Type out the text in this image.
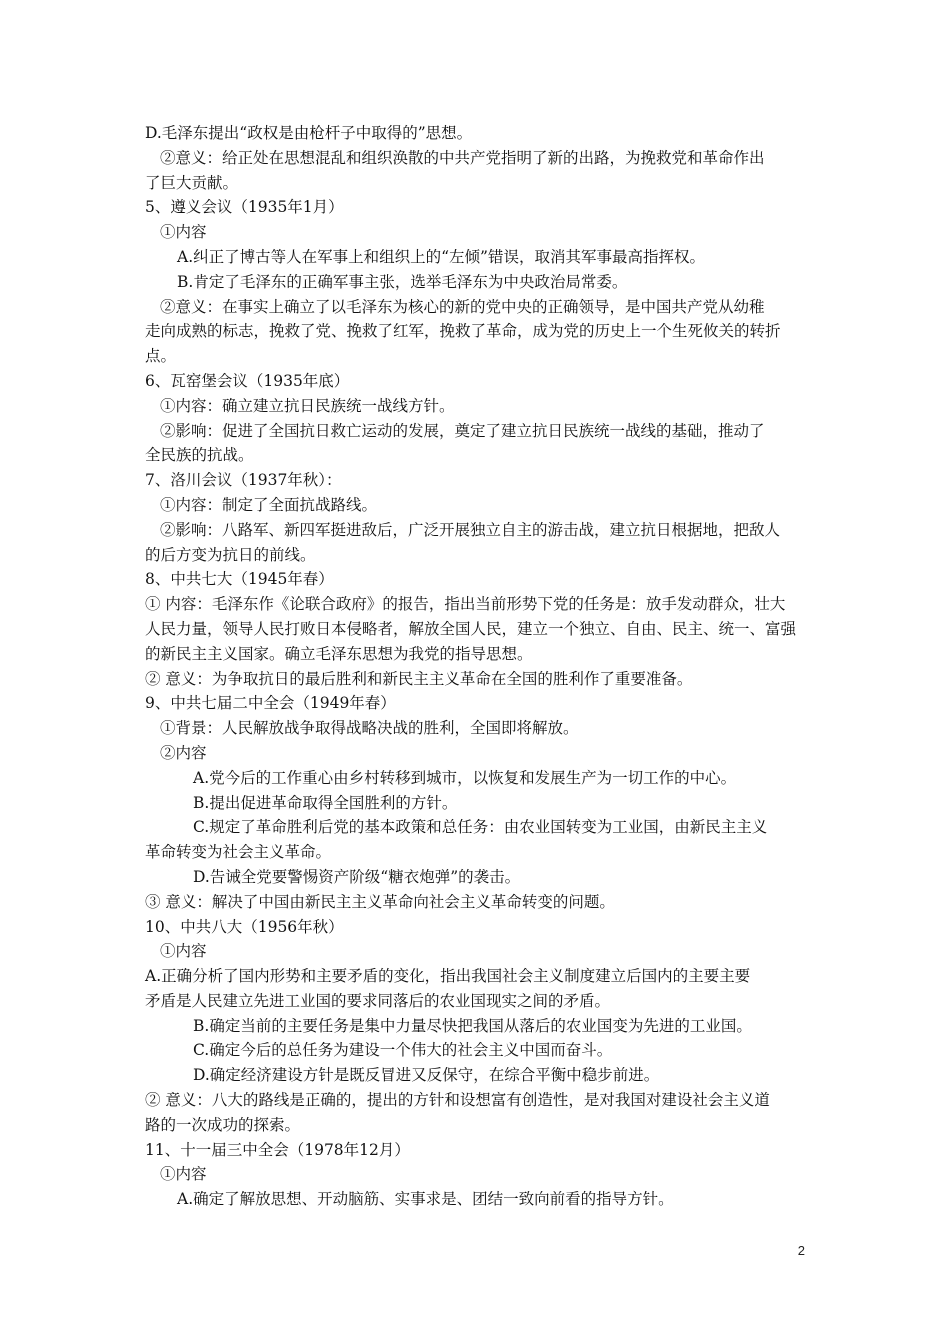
D.毛泽东提出“政权是由枪杆子中取得的”思想。
②意义：给正处在思想混乱和组织涣散的中共产党指明了新的出路，为挽救党和革命作出
了巨大贡献。
5、遵义会议（1935年1月）
①内容
A.纠正了博古等人在军事上和组织上的“左倾”错误，取消其军事最高指挥权。
B.肯定了毛泽东的正确军事主张，选举毛泽东为中央政治局常委。
②意义：在事实上确立了以毛泽东为核心的新的党中央的正确领导，是中国共产党从幼稚
走向成熟的标志，挽救了党、挽救了红军，挽救了革命，成为党的历史上一个生死攸关的转折
点。
6、瓦窑堡会议（1935年底）
①内容：确立建立抗日民族统一战线方针。
②影响：促进了全国抗日救亡运动的发展，奠定了建立抗日民族统一战线的基础，推动了
全民族的抗战。
7、洛川会议（1937年秋）：
①内容：制定了全面抗战路线。
②影响：八路军、新四军挺进敌后，广泛开展独立自主的游击战，建立抗日根据地，把敌人
的后方变为抗日的前线。
8、中共七大（1945年春）
① 内容：毛泽东作《论联合政府》的报告，指出当前形势下党的任务是：放手发动群众，壮大
人民力量，领导人民打败日本侵略者，解放全国人民，建立一个独立、自由、民主、统一、富强
的新民主主义国家。确立毛泽东思想为我党的指导思想。
② 意义：为争取抗日的最后胜利和新民主主义革命在全国的胜利作了重要准备。
9、中共七届二中全会（1949年春）
①背景：人民解放战争取得战略决战的胜利，全国即将解放。
②内容
A.党今后的工作重心由乡村转移到城市，以恢复和发展生产为一切工作的中心。
B.提出促进革命取得全国胜利的方针。
C.规定了革命胜利后党的基本政策和总任务：由农业国转变为工业国，由新民主主义
革命转变为社会主义革命。
D.告诫全党要警惕资产阶级“糖衣炮弹”的袭击。
③ 意义：解决了中国由新民主主义革命向社会主义革命转变的问题。
10、中共八大（1956年秋）
①内容
A.正确分析了国内形势和主要矛盾的变化，指出我国社会主义制度建立后国内的主要主要
矛盾是人民建立先进工业国的要求同落后的农业国现实之间的矛盾。
B.确定当前的主要任务是集中力量尽快把我国从落后的农业国变为先进的工业国。
C.确定今后的总任务为建设一个伟大的社会主义中国而奋斗。
D.确定经济建设方针是既反冒进又反保守，在综合平衡中稳步前进。
② 意义：八大的路线是正确的，提出的方针和设想富有创造性，是对我国对建设社会主义道
路的一次成功的探索。
11、十一届三中全会（1978年12月）
①内容
A.确定了解放思想、开动脑筋、实事求是、团结一致向前看的指导方针。
2
